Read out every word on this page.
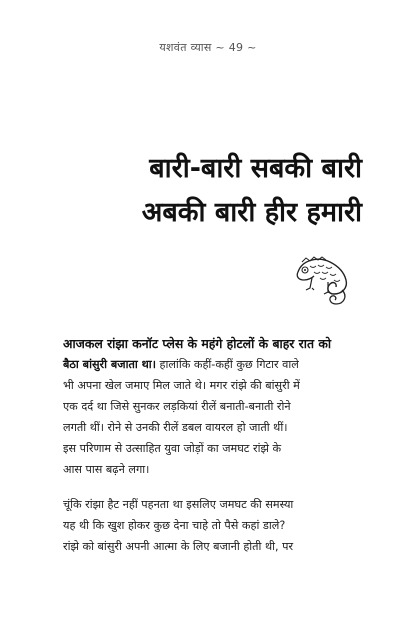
यशवंत व्यास ~ 49 ~
बारी-बारी सबकी बारी
अबकी बारी हीर हमारी
आजकल रांझा कनॉट प्लेस के महंगे होटलों के बाहर रात को
बैठा बांसुरी बजाता था। हालांकि कहीं-कहीं कुछ गिटार वाले
भी अपना खेल जमाए मिल जाते थे। मगर रांझे की बांसुरी में
एक दर्द था जिसे सुनकर लड़कियां रीलें बनाती-बनाती रोने
लगती थीं। रोने से उनकी रीलें डबल वायरल हो जाती थीं।
इस परिणाम से उत्साहित युवा जोड़ों का जमघट रांझे के
आस पास बढ़ने लगा।
चूंकि रांझा हैट नहीं पहनता था इसलिए जमघट की समस्या
यह थी कि खुश होकर कुछ देना चाहे तो पैसे कहां डाले?
रांझे को बांसुरी अपनी आत्मा के लिए बजानी होती थी, पर
